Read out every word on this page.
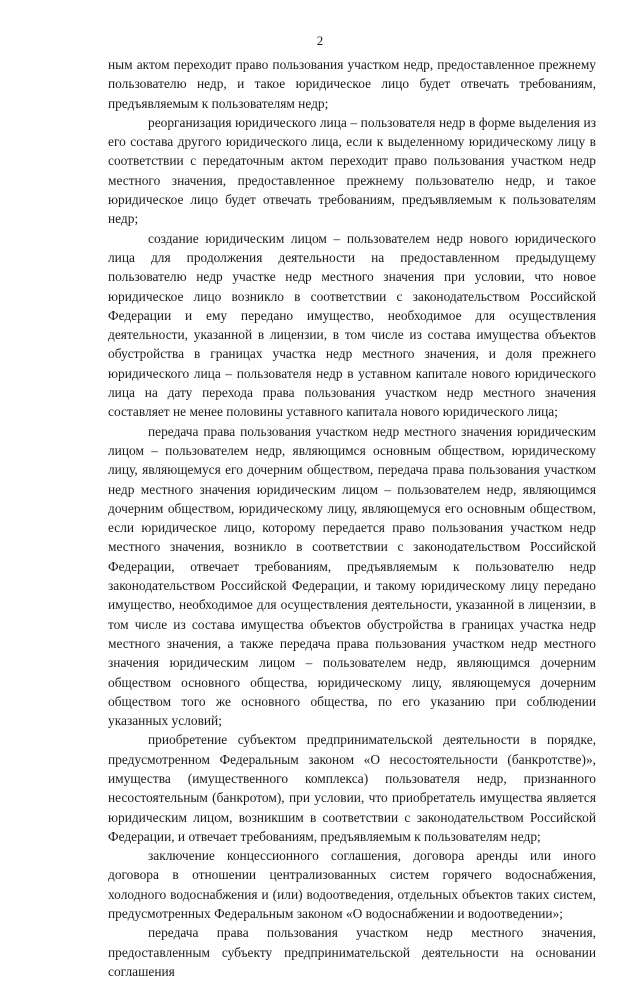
2

ным актом переходит право пользования участком недр, предоставленное прежнему пользователю недр, и такое юридическое лицо будет отвечать требованиям, предъявляемым к пользователям недр;

реорганизация юридического лица – пользователя недр в форме выделения из его состава другого юридического лица, если к выделенному юридическому лицу в соответствии с передаточным актом переходит право пользования участком недр местного значения, предоставленное прежнему пользователю недр, и такое юридическое лицо будет отвечать требованиям, предъявляемым к пользователям недр;

создание юридическим лицом – пользователем недр нового юридического лица для продолжения деятельности на предоставленном предыдущему пользователю недр участке недр местного значения при условии, что новое юридическое лицо возникло в соответствии с законодательством Российской Федерации и ему передано имущество, необходимое для осуществления деятельности, указанной в лицензии, в том числе из состава имущества объектов обустройства в границах участка недр местного значения, и доля прежнего юридического лица – пользователя недр в уставном капитале нового юридического лица на дату перехода права пользования участком недр местного значения составляет не менее половины уставного капитала нового юридического лица;

передача права пользования участком недр местного значения юридическим лицом – пользователем недр, являющимся основным обществом, юридическому лицу, являющемуся его дочерним обществом, передача права пользования участком недр местного значения юридическим лицом – пользователем недр, являющимся дочерним обществом, юридическому лицу, являющемуся его основным обществом, если юридическое лицо, которому передается право пользования участком недр местного значения, возникло в соответствии с законодательством Российской Федерации, отвечает требованиям, предъявляемым к пользователю недр законодательством Российской Федерации, и такому юридическому лицу передано имущество, необходимое для осуществления деятельности, указанной в лицензии, в том числе из состава имущества объектов обустройства в границах участка недр местного значения, а также передача права пользования участком недр местного значения юридическим лицом – пользователем недр, являющимся дочерним обществом основного общества, юридическому лицу, являющемуся дочерним обществом того же основного общества, по его указанию при соблюдении указанных условий;

приобретение субъектом предпринимательской деятельности в порядке, предусмотренном Федеральным законом «О несостоятельности (банкротстве)», имущества (имущественного комплекса) пользователя недр, признанного несостоятельным (банкротом), при условии, что приобретатель имущества является юридическим лицом, возникшим в соответствии с законодательством Российской Федерации, и отвечает требованиям, предъявляемым к пользователям недр;

заключение концессионного соглашения, договора аренды или иного договора в отношении централизованных систем горячего водоснабжения, холодного водоснабжения и (или) водоотведения, отдельных объектов таких систем, предусмотренных Федеральным законом «О водоснабжении и водоотведении»;

передача права пользования участком недр местного значения, предоставленным субъекту предпринимательской деятельности на основании соглашения
